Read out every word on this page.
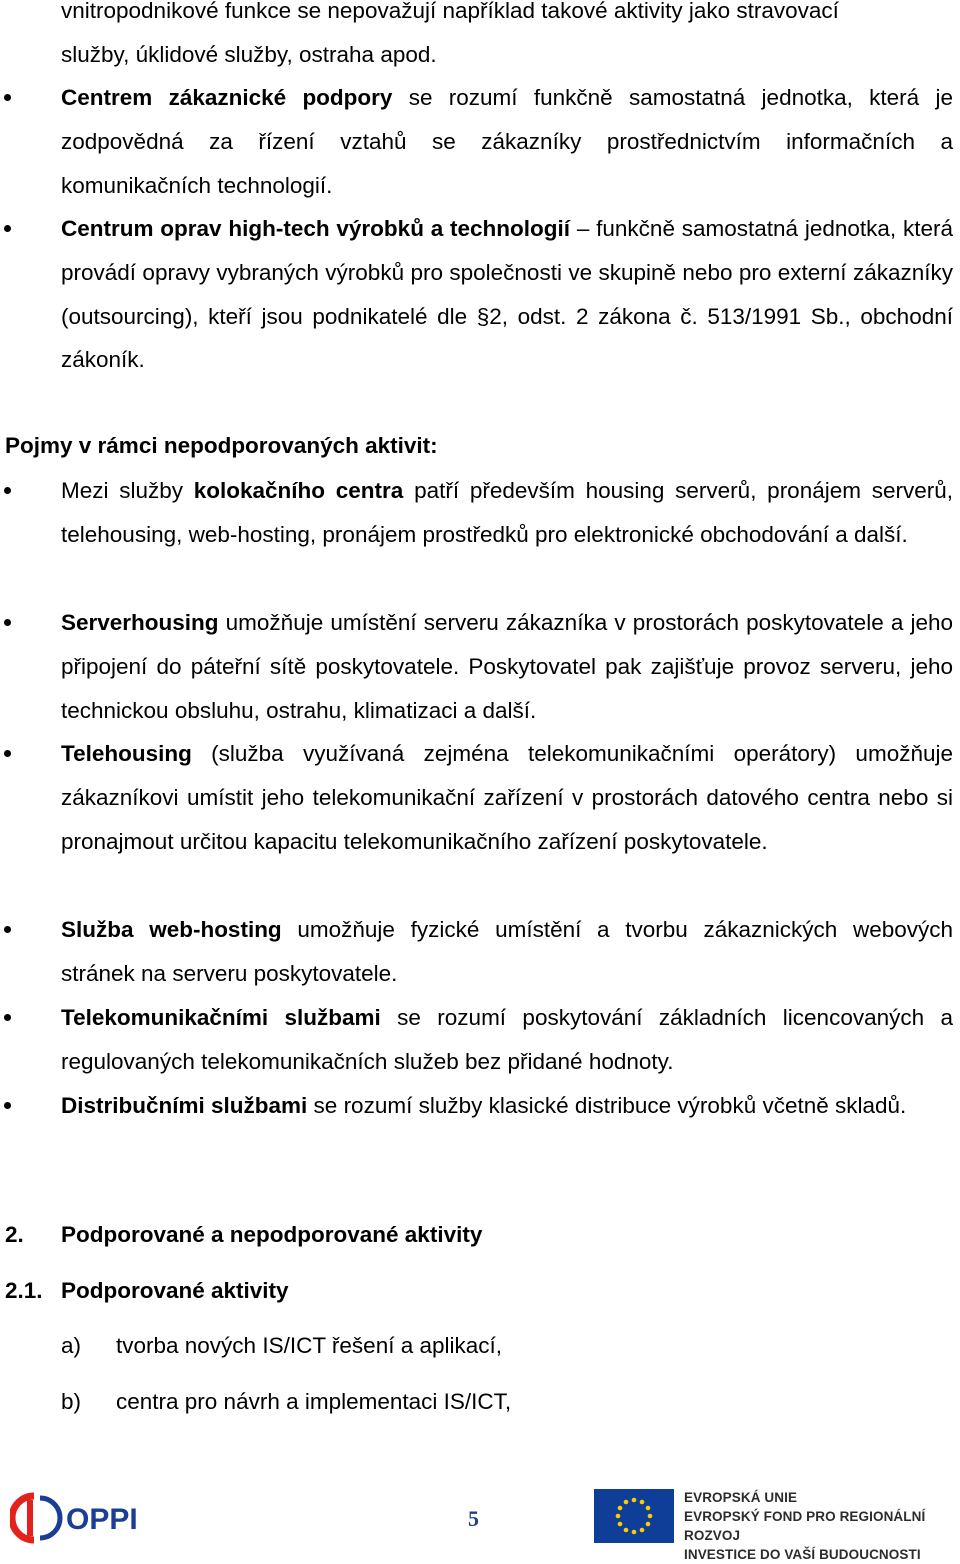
vnitropodnikové funkce se nepovažují například takové aktivity jako stravovací
služby, úklidové služby, ostraha apod.
Centrem zákaznické podpory se rozumí funkčně samostatná jednotka, která je zodpovědná za řízení vztahů se zákazníky prostřednictvím informačních a komunikačních technologií.
Centrum oprav high-tech výrobků a technologií – funkčně samostatná jednotka, která provádí opravy vybraných výrobků pro společnosti ve skupině nebo pro externí zákazníky (outsourcing), kteří jsou podnikatelé dle §2, odst. 2 zákona č. 513/1991 Sb., obchodní zákoník.
Pojmy v rámci nepodporovaných aktivit:
Mezi služby kolokačního centra patří především housing serverů, pronájem serverů, telehousing, web-hosting, pronájem prostředků pro elektronické obchodování a další.
Serverhousing umožňuje umístění serveru zákazníka v prostorách poskytovatele a jeho připojení do páteřní sítě poskytovatele. Poskytovatel pak zajišťuje provoz serveru, jeho technickou obsluhu, ostrahu, klimatizaci a další.
Telehousing (služba využívaná zejména telekomunikačními operátory) umožňuje zákazníkovi umístit jeho telekomunikační zařízení v prostorách datového centra nebo si pronajmout určitou kapacitu telekomunikačního zařízení poskytovatele.
Služba web-hosting umožňuje fyzické umístění a tvorbu zákaznických webových stránek na serveru poskytovatele.
Telekomunikačními službami se rozumí poskytování základních licencovaných a regulovaných telekomunikačních služeb bez přidané hodnoty.
Distribučními službami se rozumí služby klasické distribuce výrobků včetně skladů.
2. Podporované a nepodporované aktivity
2.1. Podporované aktivity
a) tvorba nových IS/ICT řešení a aplikací,
b) centra pro návrh a implementaci IS/ICT,
OPPI	5
EVROPSKÁ UNIE
EVROPSKÝ FOND PRO REGIONÁLNÍ ROZVOJ
INVESTICE DO VAŠÍ BUDOUCNOSTI
